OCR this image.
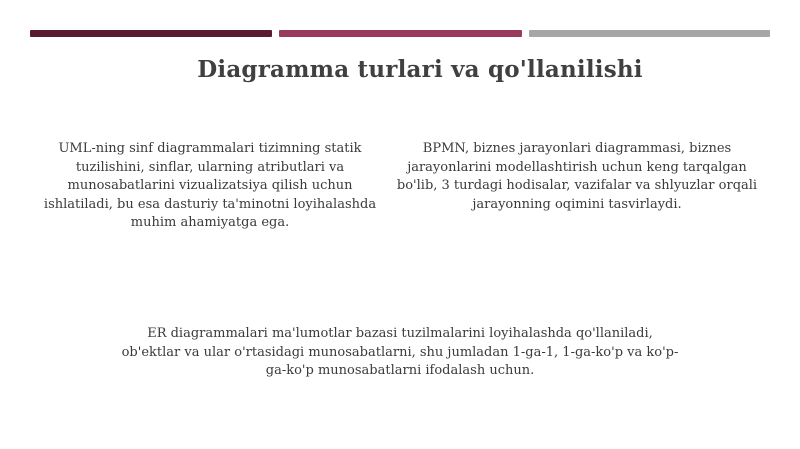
Diagramma turlari va qo'llanilishi
UML-ning sinf diagrammalari tizimning statik tuzilishini, sinflar, ularning atributlari va munosabatlarini vizualizatsiya qilish uchun ishlatiladi, bu esa dasturiy ta'minotni loyihalashda muhim ahamiyatga ega.
BPMN, biznes jarayonlari diagrammasi, biznes jarayonlarini modellashtirish uchun keng tarqalgan bo'lib, 3 turdagi hodisalar, vazifalar va shlyuzlar orqali jarayonning oqimini tasvirlaydi.
ER diagrammalari ma'lumotlar bazasi tuzilmalarini loyihalashda qo'llaniladi, ob'ektlar va ular o'rtasidagi munosabatlarni, shu jumladan 1-ga-1, 1-ga-ko'p va ko'p-ga-ko'p munosabatlarni ifodalash uchun.
